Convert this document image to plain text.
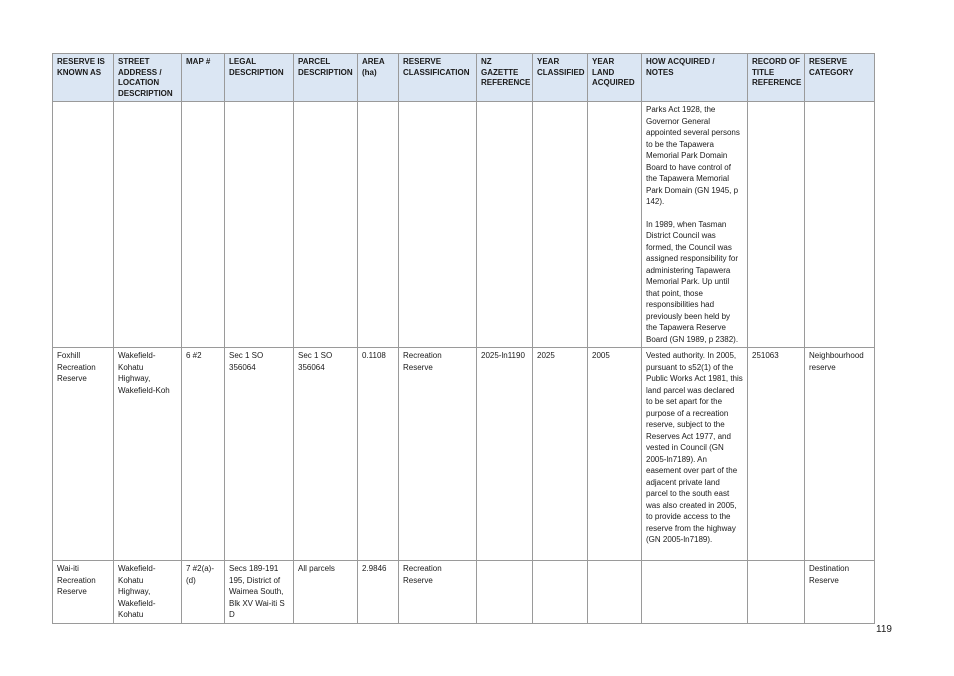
RESERVE IS KNOWN AS	STREET ADDRESS / LOCATION DESCRIPTION	MAP #	LEGAL DESCRIPTION	PARCEL DESCRIPTION	AREA (ha)	RESERVE CLASSIFICATION	NZ GAZETTE REFERENCE	YEAR CLASSIFIED	YEAR LAND ACQUIRED	HOW ACQUIRED / NOTES	RECORD OF TITLE REFERENCE	RESERVE CATEGORY

										Parks Act 1928, the Governor General appointed several persons to be the Tapawera Memorial Park Domain Board to have control of the Tapawera Memorial Park Domain (GN 1945, p 142).

In 1989, when Tasman District Council was formed, the Council was assigned responsibility for administering Tapawera Memorial Park. Up until that point, those responsibilities had previously been held by the Tapawera Reserve Board (GN 1989, p 2382).		

Foxhill Recreation Reserve	Wakefield-Kohatu Highway, Wakefield-Koh	6 #2	Sec 1 SO 356064	Sec 1 SO 356064	0.1108	Recreation Reserve	2025-ln1190	2025	2005	Vested authority. In 2005, pursuant to s52(1) of the Public Works Act 1981, this land parcel was declared to be set apart for the purpose of a recreation reserve, subject to the Reserves Act 1977, and vested in Council (GN 2005-ln7189). An easement over part of the adjacent private land parcel to the south east was also created in 2005, to provide access to the reserve from the highway (GN 2005-ln7189).	251063	Neighbourhood reserve
Wai-iti Recreation Reserve	Wakefield-Kohatu Highway, Wakefield-Kohatu	7 #2(a)-(d)	Secs 189-191 195, District of Waimea South, Blk XV Wai-iti S D	All parcels	2.9846	Recreation Reserve						Destination Reserve
119
